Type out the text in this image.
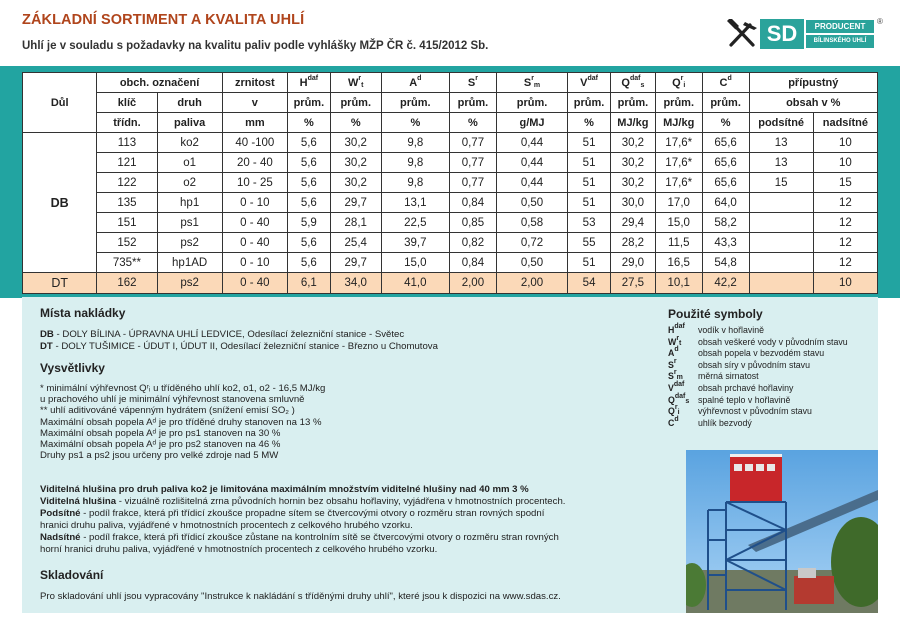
ZÁKLADNÍ SORTIMENT A KVALITA UHLÍ
Uhlí je v souladu s požadavky na kvalitu paliv podle vyhlášky MŽP ČR č. 415/2012 Sb.	SD	PRODUCENT
BÍLINSKÉHO UHLÍ
®
Důl	obch. označení		zrnitost	$H^{daf}$	$W^rt$	$A^d$	$S^r$	$S^rm$	$V^{daf}$	$Q^{daf}s$	$Q^ri$	$C^d$	přípustný	
	klíč	druh	v	prům.	prům.	prům.	prům.	prům.	prům.	prům.	prům.	prům.	obsah v %	
	třídn.	paliva	mm	%	%	%	%	g/MJ	%	MJ/kg	MJ/kg	%	podsítné	nadsítné
DB	113	ko2	40 -100	5,6	30,2	9,8	0,77	0,44	51	30,2	17,6*	65,6	13	10
	121	o1	20 - 40	5,6	30,2	9,8	0,77	0,44	51	30,2	17,6*	65,6	13	10
	122	o2	10 - 25	5,6	30,2	9,8	0,77	0,44	51	30,2	17,6*	65,6	15	15
	135	hp1	0 - 10	5,6	29,7	13,1	0,84	0,50	51	30,0	17,0	64,0		12
	151	ps1	0 - 40	5,9	28,1	22,5	0,85	0,58	53	29,4	15,0	58,2		12
	152	ps2	0 - 40	5,6	25,4	39,7	0,82	0,72	55	28,2	11,5	43,3		12
	735**	hp1AD	0 - 10	5,6	29,7	15,0	0,84	0,50	51	29,0	16,5	54,8		12
DT	162	ps2	0 - 40	6,1	34,0	41,0	2,00	2,00	54	27,5	10,1	42,2		10
Místa nakládky
DB - DOLY BÍLINA - ÚPRAVNA UHLÍ LEDVICE, Odesílací železniční stanice - Světec
DT - DOLY TUŠIMICE - ÚDUT I, ÚDUT II, Odesílací železniční stanice - Březno u Chomutova
Vysvětlivky
* minimální výhřevnost Qʳᵢ u tříděného uhlí ko2, o1, o2 - 16,5 MJ/kg
u prachového uhlí je minimální výhřevnost stanovena smluvně
** uhlí aditivováné vápenným hydrátem (snížení emisí SO₂ )
Maximální obsah popela Aᵈ je pro tříděné druhy stanoven na 13 %
Maximální obsah popela Aᵈ je pro ps1 stanoven na 30 %
Maximální obsah popela Aᵈ je pro ps2 stanoven na 46 %
Druhy ps1 a ps2 jsou určeny pro velké zdroje nad 5 MW
Viditelná hlušina pro druh paliva ko2 je limitována maximálním množstvím viditelné hlušiny nad 40 mm 3 %
Viditelná hlušina - vizuálně rozlišitelná zrna původních hornin bez obsahu hořlaviny, vyjádřena v hmotnostních procentech.
Podsítné - podíl frakce, která při třídicí zkoušce propadne sítem se čtvercovými otvory o rozměru stran rovných spodní
hranici druhu paliva, vyjádřené v hmotnostních procentech z celkového hrubého vzorku.
Nadsítné - podíl frakce, která při třídicí zkoušce zůstane na kontrolním sítě se čtvercovými otvory o rozměru stran rovných
horní hranici druhu paliva, vyjádřené v hmotnostních procentech z celkového hrubého vzorku.
Skladování
Pro skladování uhlí jsou vypracovány "Instrukce k nakládání s tříděnými druhy uhlí", které jsou k dispozici na www.sdas.cz.
Použité symboly
$H^{daf}$ vodík v hořlavině
$W^rt$ obsah veškeré vody v původním stavu
$A^d$ obsah popela v bezvodém stavu
$S^r$ obsah síry v původním stavu
$S^rm$ měrná sirnatost
$V^{daf}$ obsah prchavé hořlaviny
$Q^{daf}s$ spalné teplo v hořlavině
$Q^ri$ výhřevnost v původním stavu
$C^d$ uhlík bezvodý
